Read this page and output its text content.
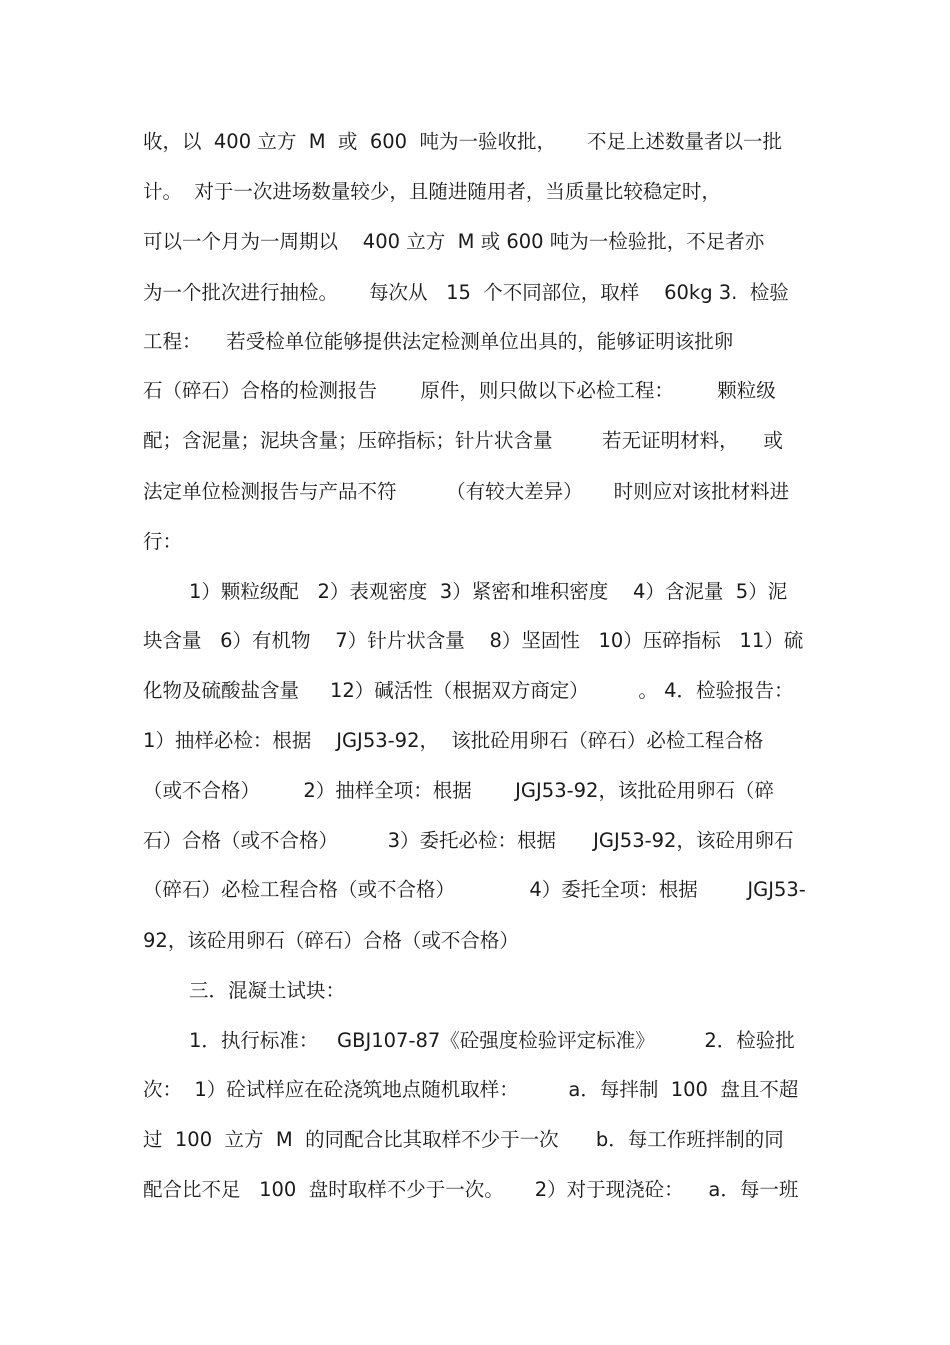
收，以  400 立方  M  或  600  吨为一验收批，     不足上述数量者以一批
计。  对于一次进场数量较少，且随进随用者，当质量比较稳定时，
可以一个月为一周期以    400 立方  M 或 600 吨为一检验批，不足者亦
为一个批次进行抽检。     每次从   15  个不同部位，取样    60kg 3.  检验
工程：    若受检单位能够提供法定检测单位出具的，能够证明该批卵
石（碎石）合格的检测报告       原件，则只做以下必检工程：       颗粒级
配；含泥量；泥块含量；压碎指标；针片状含量        若无证明材料，    或
法定单位检测报告与产品不符        （有较大差异）     时则应对该批材料进
行：
1）颗粒级配   2）表观密度  3）紧密和堆积密度    4）含泥量  5）泥
块含量   6）有机物    7）针片状含量    8）坚固性   10）压碎指标   11）硫
化物及硫酸盐含量     12）碱活性（根据双方商定）        。 4．检验报告：
1）抽样必检：根据    JGJ53-92，  该批砼用卵石（碎石）必检工程合格
（或不合格）       2）抽样全项：根据       JGJ53-92，该批砼用卵石（碎
石）合格（或不合格）        3）委托必检：根据      JGJ53-92，该砼用卵石
（碎石）必检工程合格（或不合格）            4）委托全项：根据        JGJ53-
92，该砼用卵石（碎石）合格（或不合格）
三．混凝土试块：
1．执行标准：   GBJ107-87《砼强度检验评定标准》        2．检验批
次：  1）砼试样应在砼浇筑地点随机取样：        a．每拌制  100  盘且不超
过  100  立方  M  的同配合比其取样不少于一次      b．每工作班拌制的同
配合比不足   100  盘时取样不少于一次。     2）对于现浇砼：    a．每一班
